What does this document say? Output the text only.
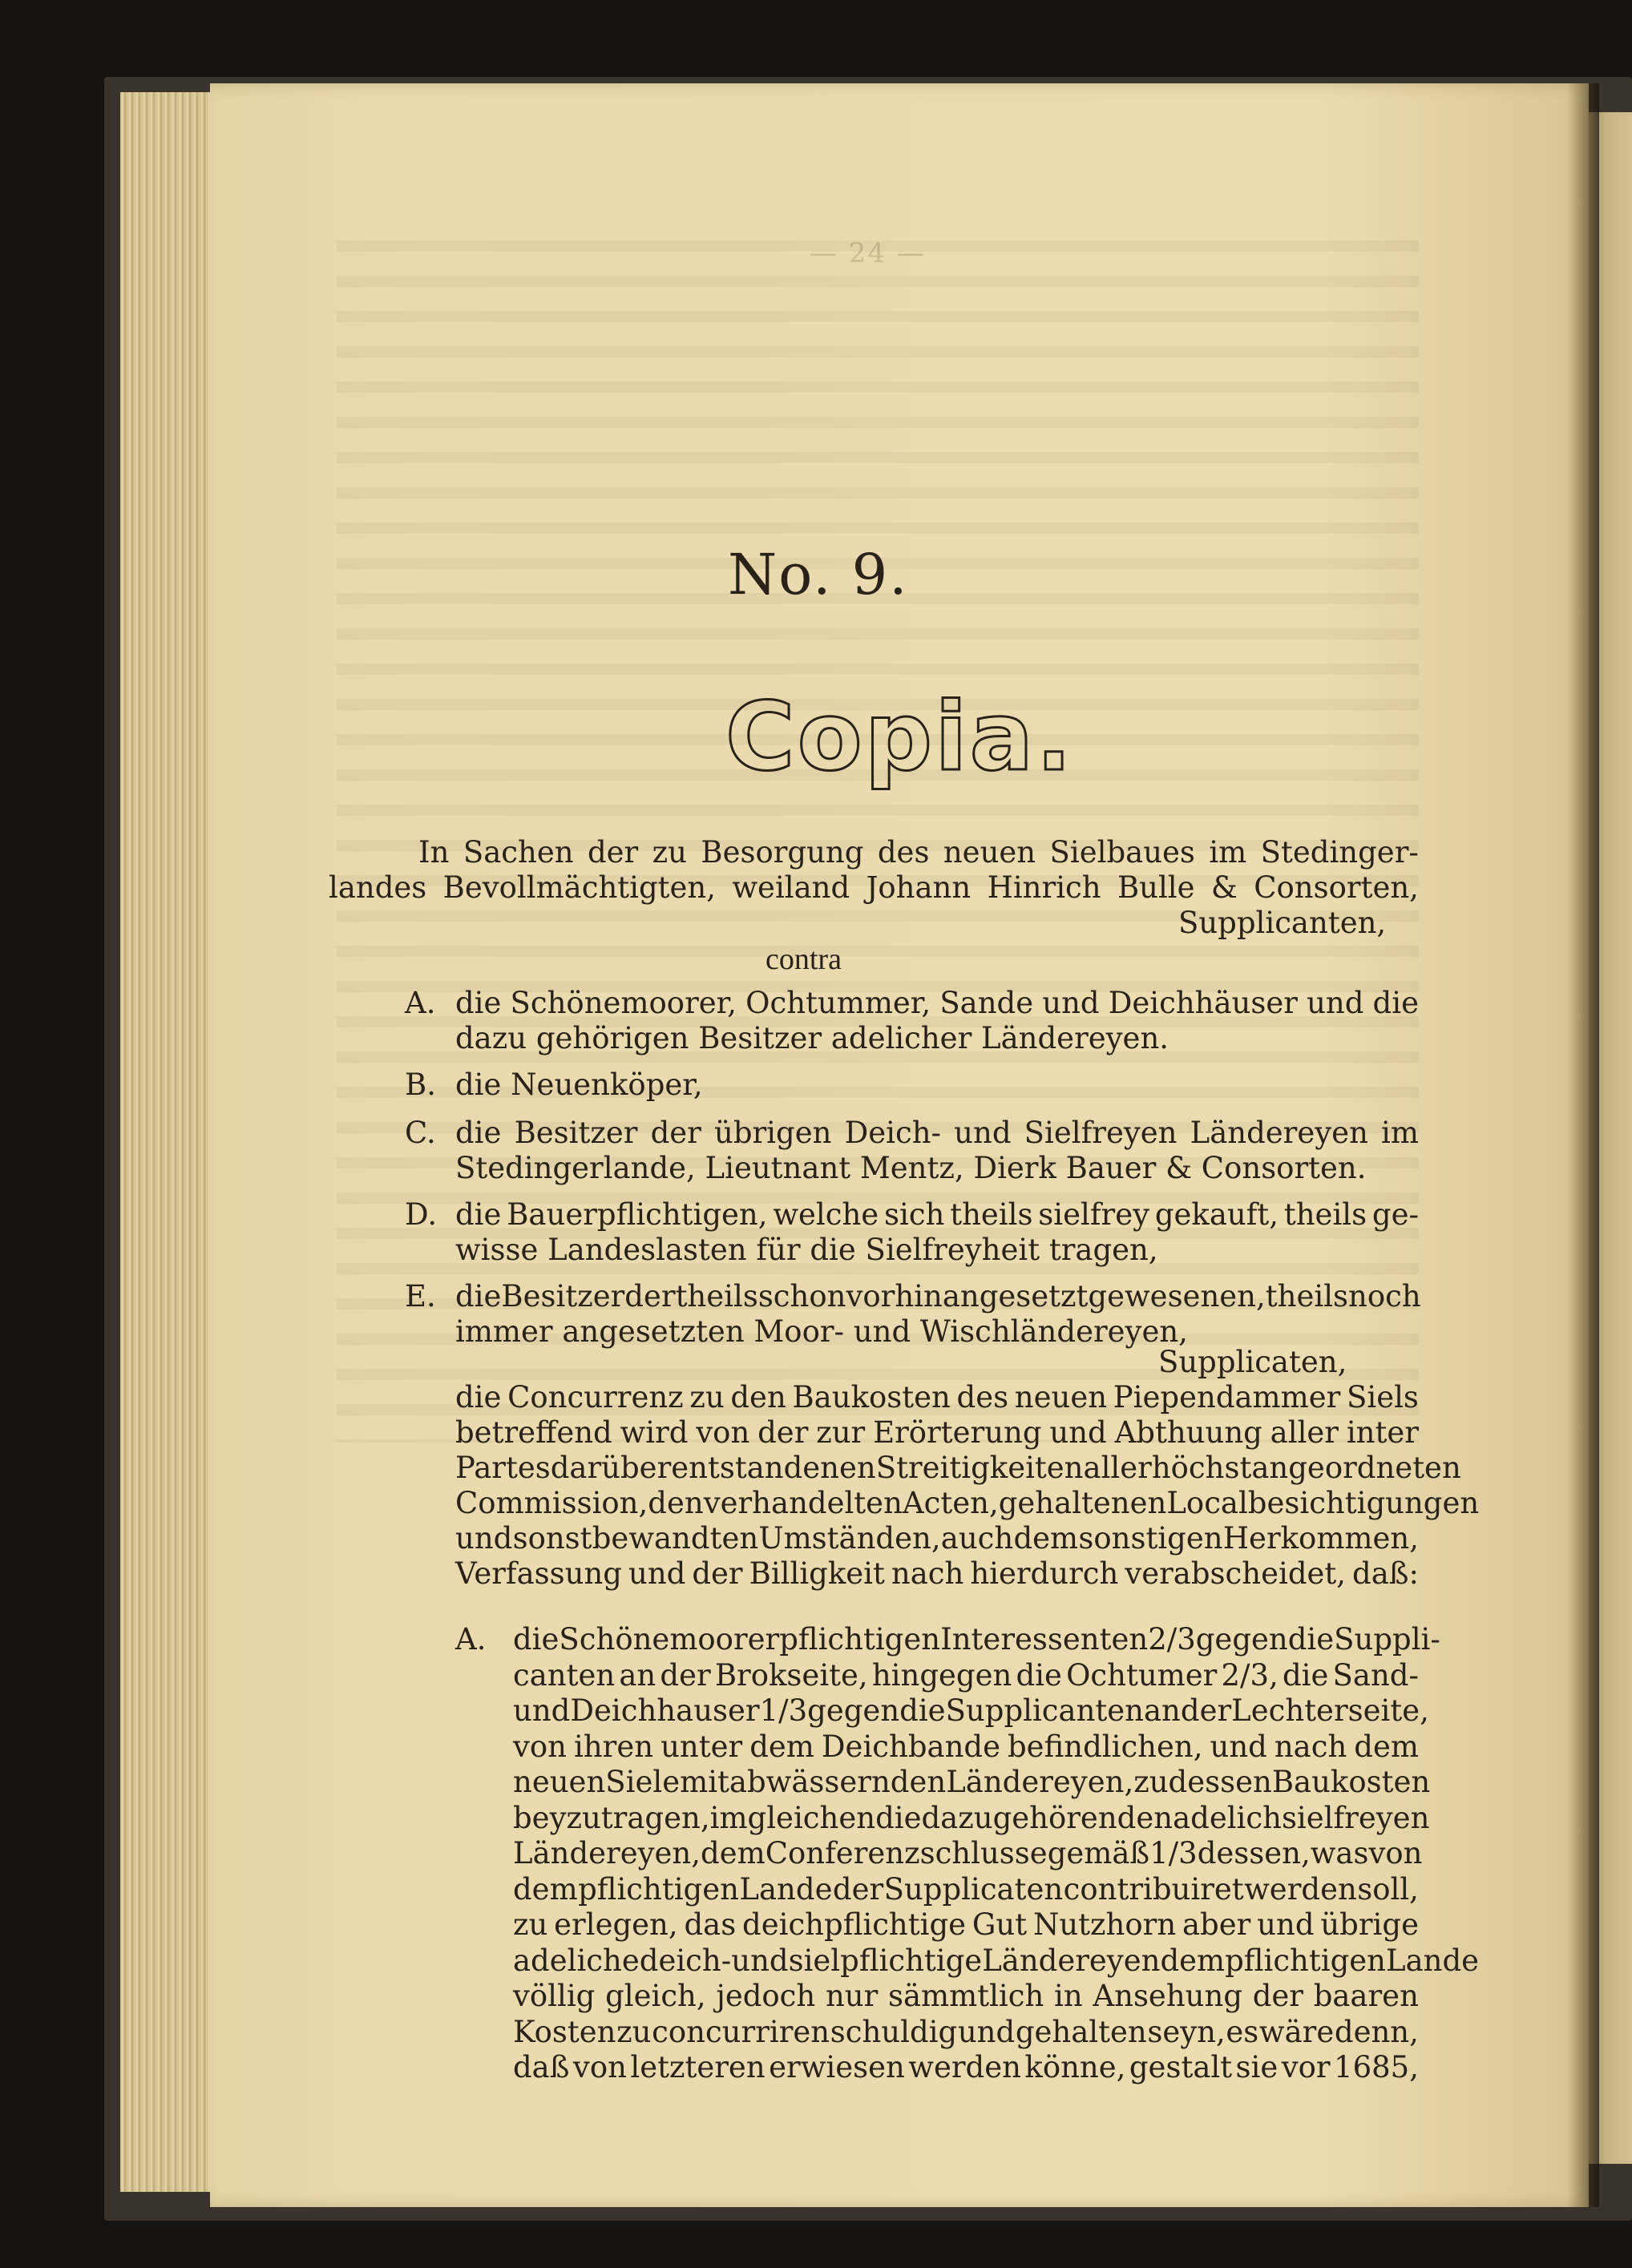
— 24 —
No. 9.
Copia.
In Sachen der zu Besorgung des neuen Sielbaues im Stedinger-
landes Bevollmächtigten, weiland Johann Hinrich Bulle & Consorten,
Supplicanten,
contra
A. die Schönemoorer, Ochtummer, Sande und Deichhäuser und die
dazu gehörigen Besitzer adelicher Ländereyen.
B. die Neuenköper,
C. die Besitzer der übrigen Deich- und Sielfreyen Ländereyen im
Stedingerlande, Lieutnant Mentz, Dierk Bauer & Consorten.
D. die Bauerpflichtigen, welche sich theils sielfrey gekauft, theils ge-
wisse Landeslasten für die Sielfreyheit tragen,
E. die Besitzer der theils schon vorhin angesetzt gewesenen, theils noch
immer angesetzten Moor- und Wischländereyen,
Supplicaten,
die Concurrenz zu den Baukosten des neuen Piependammer Siels
betreffend wird von der zur Erörterung und Abthuung aller inter
Partes darüber entstandenen Streitigkeiten allerhöchst angeordneten
Commission, den verhandelten Acten, gehaltenen Localbesichtigungen
und sonst bewandten Umständen, auch dem sonstigen Herkommen,
Verfassung und der Billigkeit nach hierdurch verabscheidet, daß:
A. die Schönemoorer pflichtigen Interessenten 2/3 gegen die Suppli-
canten an der Brokseite, hingegen die Ochtumer 2/3, die Sand-
und Deichhauser 1/3 gegen die Supplicanten an der Lechterseite,
von ihren unter dem Deichbande befindlichen, und nach dem
neuen Siele mit abwässernden Ländereyen, zu dessen Baukosten
beyzutragen, imgleichen die dazu gehörenden adelich sielfreyen
Ländereyen, dem Conferenzschlusse gemäß 1/3 dessen, was von
dem pflichtigen Lande der Supplicaten contribuiret werden soll,
zu erlegen, das deichpflichtige Gut Nutzhorn aber und übrige
adeliche deich- und sielpflichtige Ländereyen dem pflichtigen Lande
völlig gleich, jedoch nur sämmtlich in Ansehung der baaren
Kosten zu concurriren schuldig und gehalten seyn, es wäre denn,
daß von letzteren erwiesen werden könne, gestalt sie vor 1685,
